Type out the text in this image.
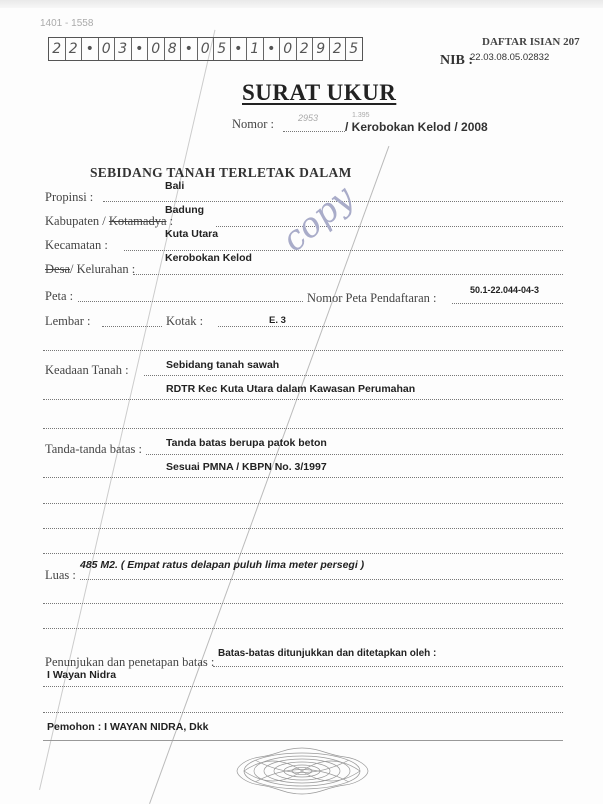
1401 - 1558
2 2 • 0 3 • 0 8 • 0 5 • 1 • 0 2 9 2 5	DAFTAR ISIAN 207
NIB :
22.03.08.05.02832
SURAT UKUR
Nomor :	2953	1.395
/ Kerobokan Kelod / 2008
SEBIDANG TANAH TERLETAK DALAM
Propinsi :
Bali
Kabupaten / Kotamadya :
Badung
Kecamatan :
Kuta Utara
Desa/ Kelurahan :
Kerobokan Kelod copy
Peta :	Nomor Peta Pendaftaran :
50.1-22.044-04-3
Lembar :	Kotak :	E. 3
Keadaan Tanah :	Sebidang tanah sawah
RDTR Kec Kuta Utara dalam Kawasan Perumahan
Tanda-tanda batas : Tanda batas berupa patok beton
Sesuai PMNA / KBPN No. 3/1997
Luas :
485 M2. ( Empat ratus delapan puluh lima meter persegi )
Penunjukan dan penetapan batas :
Batas-batas ditunjukkan dan ditetapkan oleh :
I Wayan Nidra
Pemohon : I WAYAN NIDRA, Dkk
